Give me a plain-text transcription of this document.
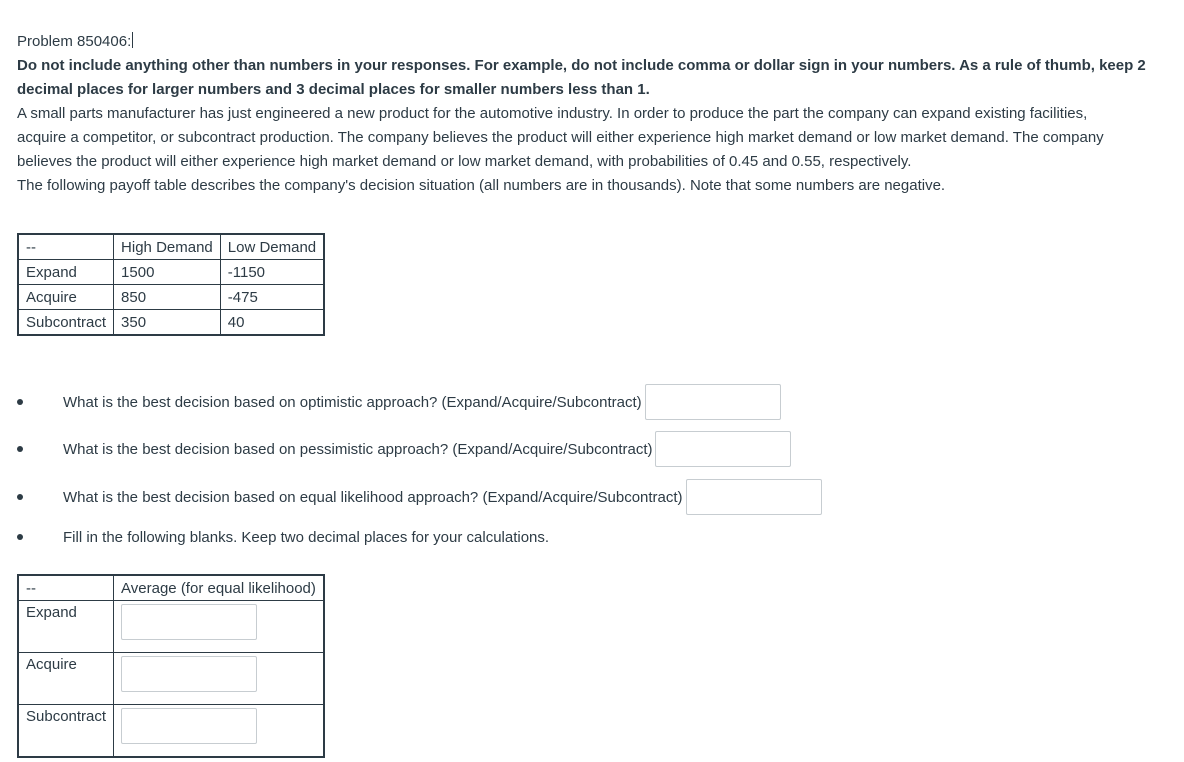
Problem 850406:
Do not include anything other than numbers in your responses. For example, do not include comma or dollar sign in your numbers. As a rule of thumb, keep 2
decimal places for larger numbers and 3 decimal places for smaller numbers less than 1.
A small parts manufacturer has just engineered a new product for the automotive industry. In order to produce the part the company can expand existing facilities,
acquire a competitor, or subcontract production. The company believes the product will either experience high market demand or low market demand. The company
believes the product will either experience high market demand or low market demand, with probabilities of 0.45 and 0.55, respectively.
The following payoff table describes the company's decision situation (all numbers are in thousands). Note that some numbers are negative.
--	High Demand	Low Demand
Expand	1500	-1150
Acquire	850	-475
Subcontract	350	40
What is the best decision based on optimistic approach? (Expand/Acquire/Subcontract)
What is the best decision based on pessimistic approach? (Expand/Acquire/Subcontract)
What is the best decision based on equal likelihood approach? (Expand/Acquire/Subcontract)
Fill in the following blanks. Keep two decimal places for your calculations.
--	Average (for equal likelihood)
Expand	

Acquire	

Subcontract	
